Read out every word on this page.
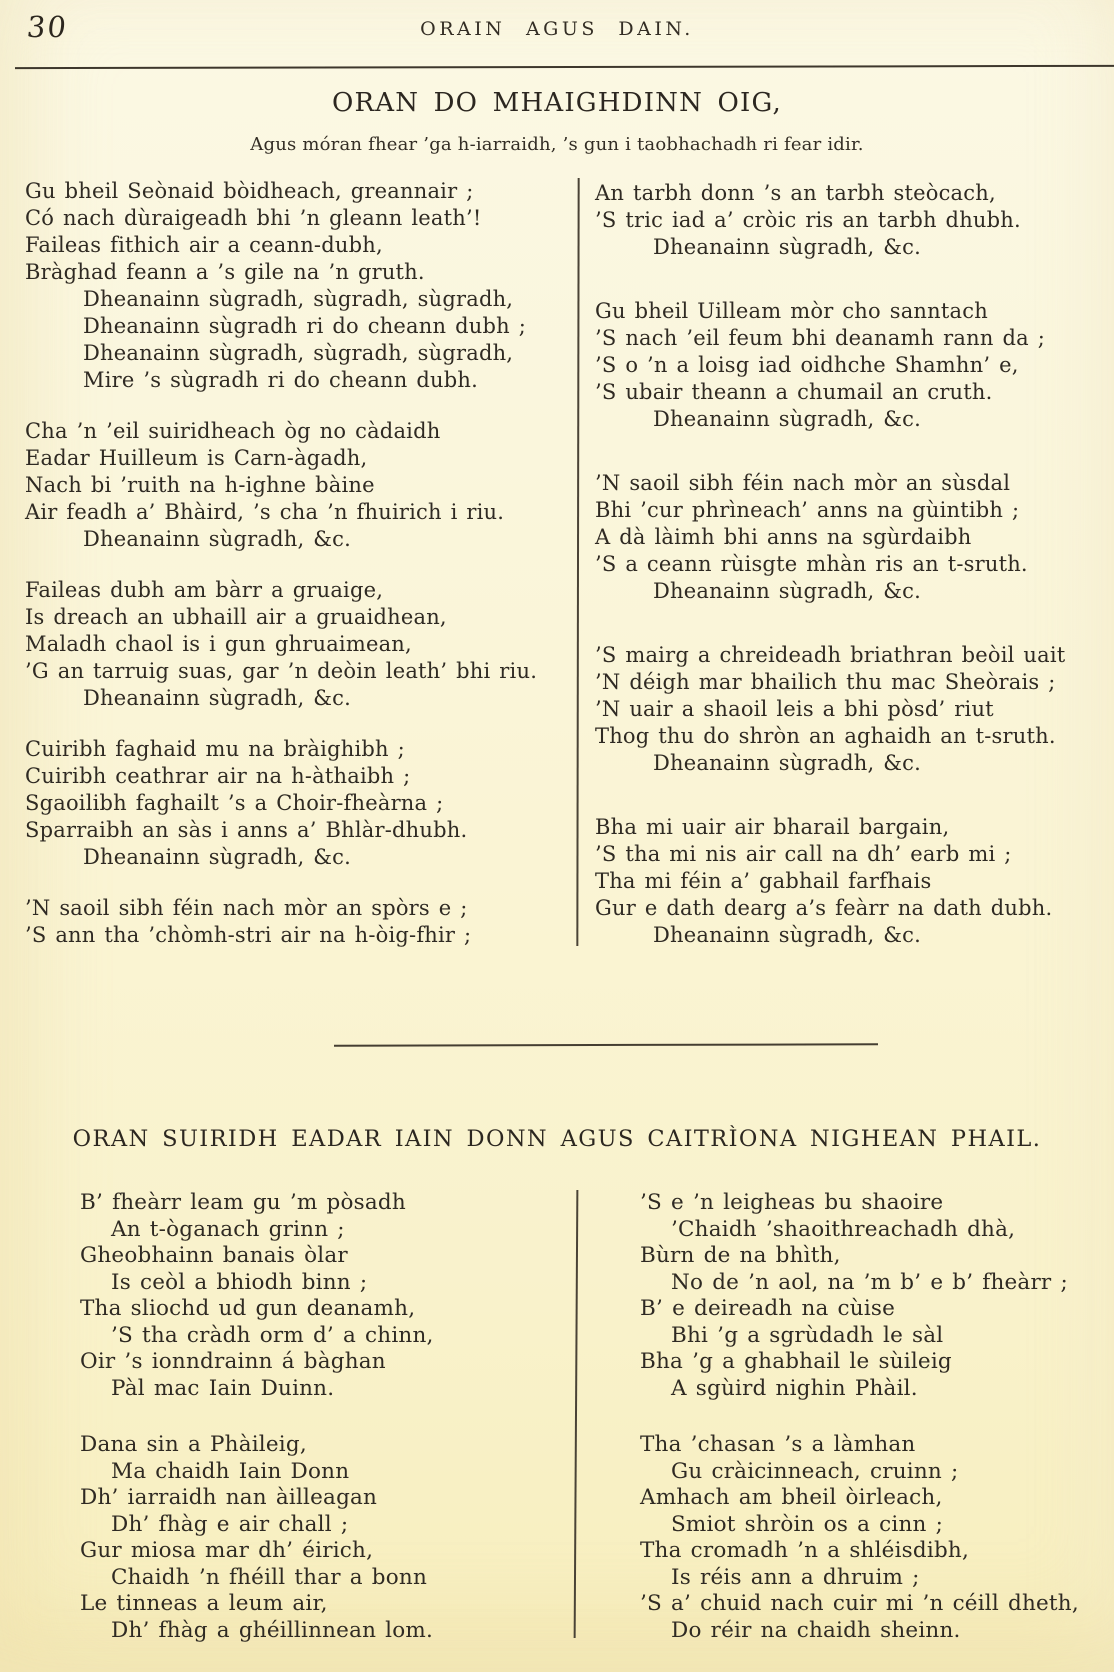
30	ORAIN AGUS DAIN.
ORAN DO MHAIGHDINN OIG,
Agus móran fhear ’ga h-iarraidh, ’s gun i taobhachadh ri fear idir.
Gu bheil Seònaid bòidheach, greannair ;
Có nach dùraigeadh bhi ’n gleann leath’!
Faileas fithich air a ceann-dubh,
Bràghad feann a ’s gile na ’n gruth.
Dheanainn sùgradh, sùgradh, sùgradh,
Dheanainn sùgradh ri do cheann dubh ;
Dheanainn sùgradh, sùgradh, sùgradh,
Mire ’s sùgradh ri do cheann dubh.
Cha ’n ’eil suiridheach òg no càdaidh
Eadar Huilleum is Carn-àgadh,
Nach bi ’ruith na h-ighne bàine
Air feadh a’ Bhàird, ’s cha ’n fhuirich i riu.
Dheanainn sùgradh, &c.
Faileas dubh am bàrr a gruaige,
Is dreach an ubhaill air a gruaidhean,
Maladh chaol is i gun ghruaimean,
’G an tarruig suas, gar ’n deòin leath’ bhi riu.
Dheanainn sùgradh, &c.
Cuiribh faghaid mu na bràighibh ;
Cuiribh ceathrar air na h-àthaibh ;
Sgaoilibh faghailt ’s a Choir-fheàrna ;
Sparraibh an sàs i anns a’ Bhlàr-dhubh.
Dheanainn sùgradh, &c.
’N saoil sibh féin nach mòr an spòrs e ;
’S ann tha ’chòmh-stri air na h-òig-fhir ;
An tarbh donn ’s an tarbh steòcach,
’S tric iad a’ cròic ris an tarbh dhubh.
Dheanainn sùgradh, &c.
Gu bheil Uilleam mòr cho sanntach
’S nach ’eil feum bhi deanamh rann da ;
’S o ’n a loisg iad oidhche Shamhn’ e,
’S ubair theann a chumail an cruth.
Dheanainn sùgradh, &c.
’N saoil sibh féin nach mòr an sùsdal
Bhi ’cur phrìneach’ anns na gùintibh ;
A dà làimh bhi anns na sgùrdaibh
’S a ceann rùisgte mhàn ris an t-sruth.
Dheanainn sùgradh, &c.
’S mairg a chreideadh briathran beòil uait
’N déigh mar bhailich thu mac Sheòrais ;
’N uair a shaoil leis a bhi pòsd’ riut
Thog thu do shròn an aghaidh an t-sruth.
Dheanainn sùgradh, &c.
Bha mi uair air bharail bargain,
’S tha mi nis air call na dh’ earb mi ;
Tha mi féin a’ gabhail farfhais
Gur e dath dearg a’s feàrr na dath dubh.
Dheanainn sùgradh, &c.
ORAN SUIRIDH EADAR IAIN DONN AGUS CAITRÌONA NIGHEAN PHAIL.
B’ fheàrr leam gu ’m pòsadh
An t-òganach grinn ;
Gheobhainn banais òlar
Is ceòl a bhiodh binn ;
Tha sliochd ud gun deanamh,
’S tha cràdh orm d’ a chinn,
Oir ’s ionndrainn á bàghan
Pàl mac Iain Duinn.
Dana sin a Phàileig,
Ma chaidh Iain Donn
Dh’ iarraidh nan àilleagan
Dh’ fhàg e air chall ;
Gur miosa mar dh’ éirich,
Chaidh ’n fhéill thar a bonn
Le tinneas a leum air,
Dh’ fhàg a ghéillinnean lom.
’S e ’n leigheas bu shaoire
’Chaidh ’shaoithreachadh dhà,
Bùrn de na bhìth,
No de ’n aol, na ’m b’ e b’ fheàrr ;
B’ e deireadh na cùise
Bhi ’g a sgrùdadh le sàl
Bha ’g a ghabhail le sùileig
A sgùird nighin Phàil.
Tha ’chasan ’s a làmhan
Gu cràicinneach, cruinn ;
Amhach am bheil òirleach,
Smiot shròin os a cinn ;
Tha cromadh ’n a shléisdibh,
Is réis ann a dhruim ;
’S a’ chuid nach cuir mi ’n céill dheth,
Do réir na chaidh sheinn.
